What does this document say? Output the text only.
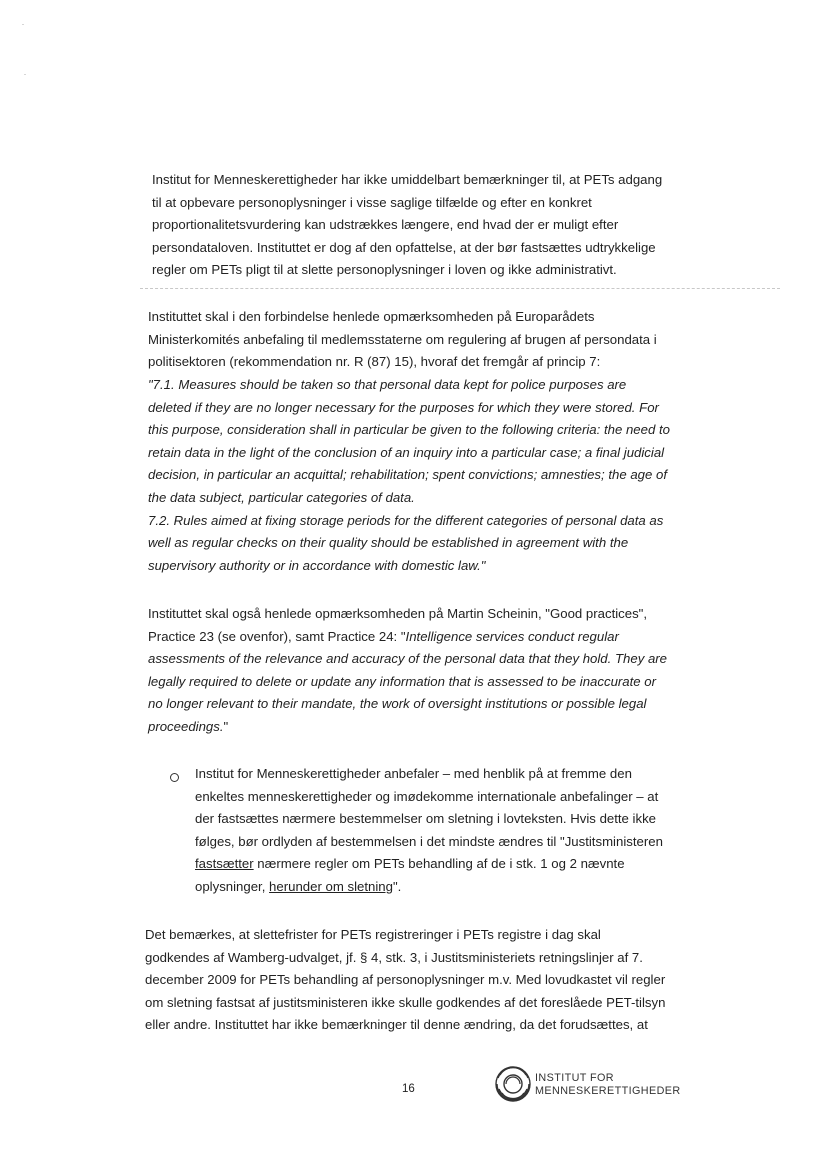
Institut for Menneskerettigheder har ikke umiddelbart bemærkninger til, at PETs adgang
til at opbevare personoplysninger i visse saglige tilfælde og efter en konkret
proportionalitetsvurdering kan udstrækkes længere, end hvad der er muligt efter
persondataloven. Instituttet er dog af den opfattelse, at der bør fastsættes udtrykkelige
regler om PETs pligt til at slette personoplysninger i loven og ikke administrativt.
Instituttet skal i den forbindelse henlede opmærksomheden på Europarådets
Ministerkomités anbefaling til medlemsstaterne om regulering af brugen af persondata i
politisektoren (rekommendation nr. R (87) 15), hvoraf det fremgår af princip 7:
"7.1. Measures should be taken so that personal data kept for police purposes are
deleted if they are no longer necessary for the purposes for which they were stored. For
this purpose, consideration shall in particular be given to the following criteria: the need to
retain data in the light of the conclusion of an inquiry into a particular case; a final judicial
decision, in particular an acquittal; rehabilitation; spent convictions; amnesties; the age of
the data subject, particular categories of data.
7.2. Rules aimed at fixing storage periods for the different categories of personal data as
well as regular checks on their quality should be established in agreement with the
supervisory authority or in accordance with domestic law."
Instituttet skal også henlede opmærksomheden på Martin Scheinin, "Good practices",
Practice 23 (se ovenfor), samt Practice 24: "Intelligence services conduct regular
assessments of the relevance and accuracy of the personal data that they hold. They are
legally required to delete or update any information that is assessed to be inaccurate or
no longer relevant to their mandate, the work of oversight institutions or possible legal
proceedings."
Institut for Menneskerettigheder anbefaler – med henblik på at fremme den
enkeltes menneskerettigheder og imødekomme internationale anbefalinger – at
der fastsættes nærmere bestemmelser om sletning i lovteksten. Hvis dette ikke
følges, bør ordlyden af bestemmelsen i det mindste ændres til "Justitsministeren
fastsætter nærmere regler om PETs behandling af de i stk. 1 og 2 nævnte
oplysninger, herunder om sletning".
Det bemærkes, at slettefrister for PETs registreringer i PETs registre i dag skal
godkendes af Wamberg-udvalget, jf. § 4, stk. 3, i Justitsministeriets retningslinjer af 7.
december 2009 for PETs behandling af personoplysninger m.v. Med lovudkastet vil regler
om sletning fastsat af justitsministeren ikke skulle godkendes af det foreslåede PET-tilsyn
eller andre. Instituttet har ikke bemærkninger til denne ændring, da det forudsættes, at
16
INSTITUT FOR
MENNESKERETTIGHEDER
